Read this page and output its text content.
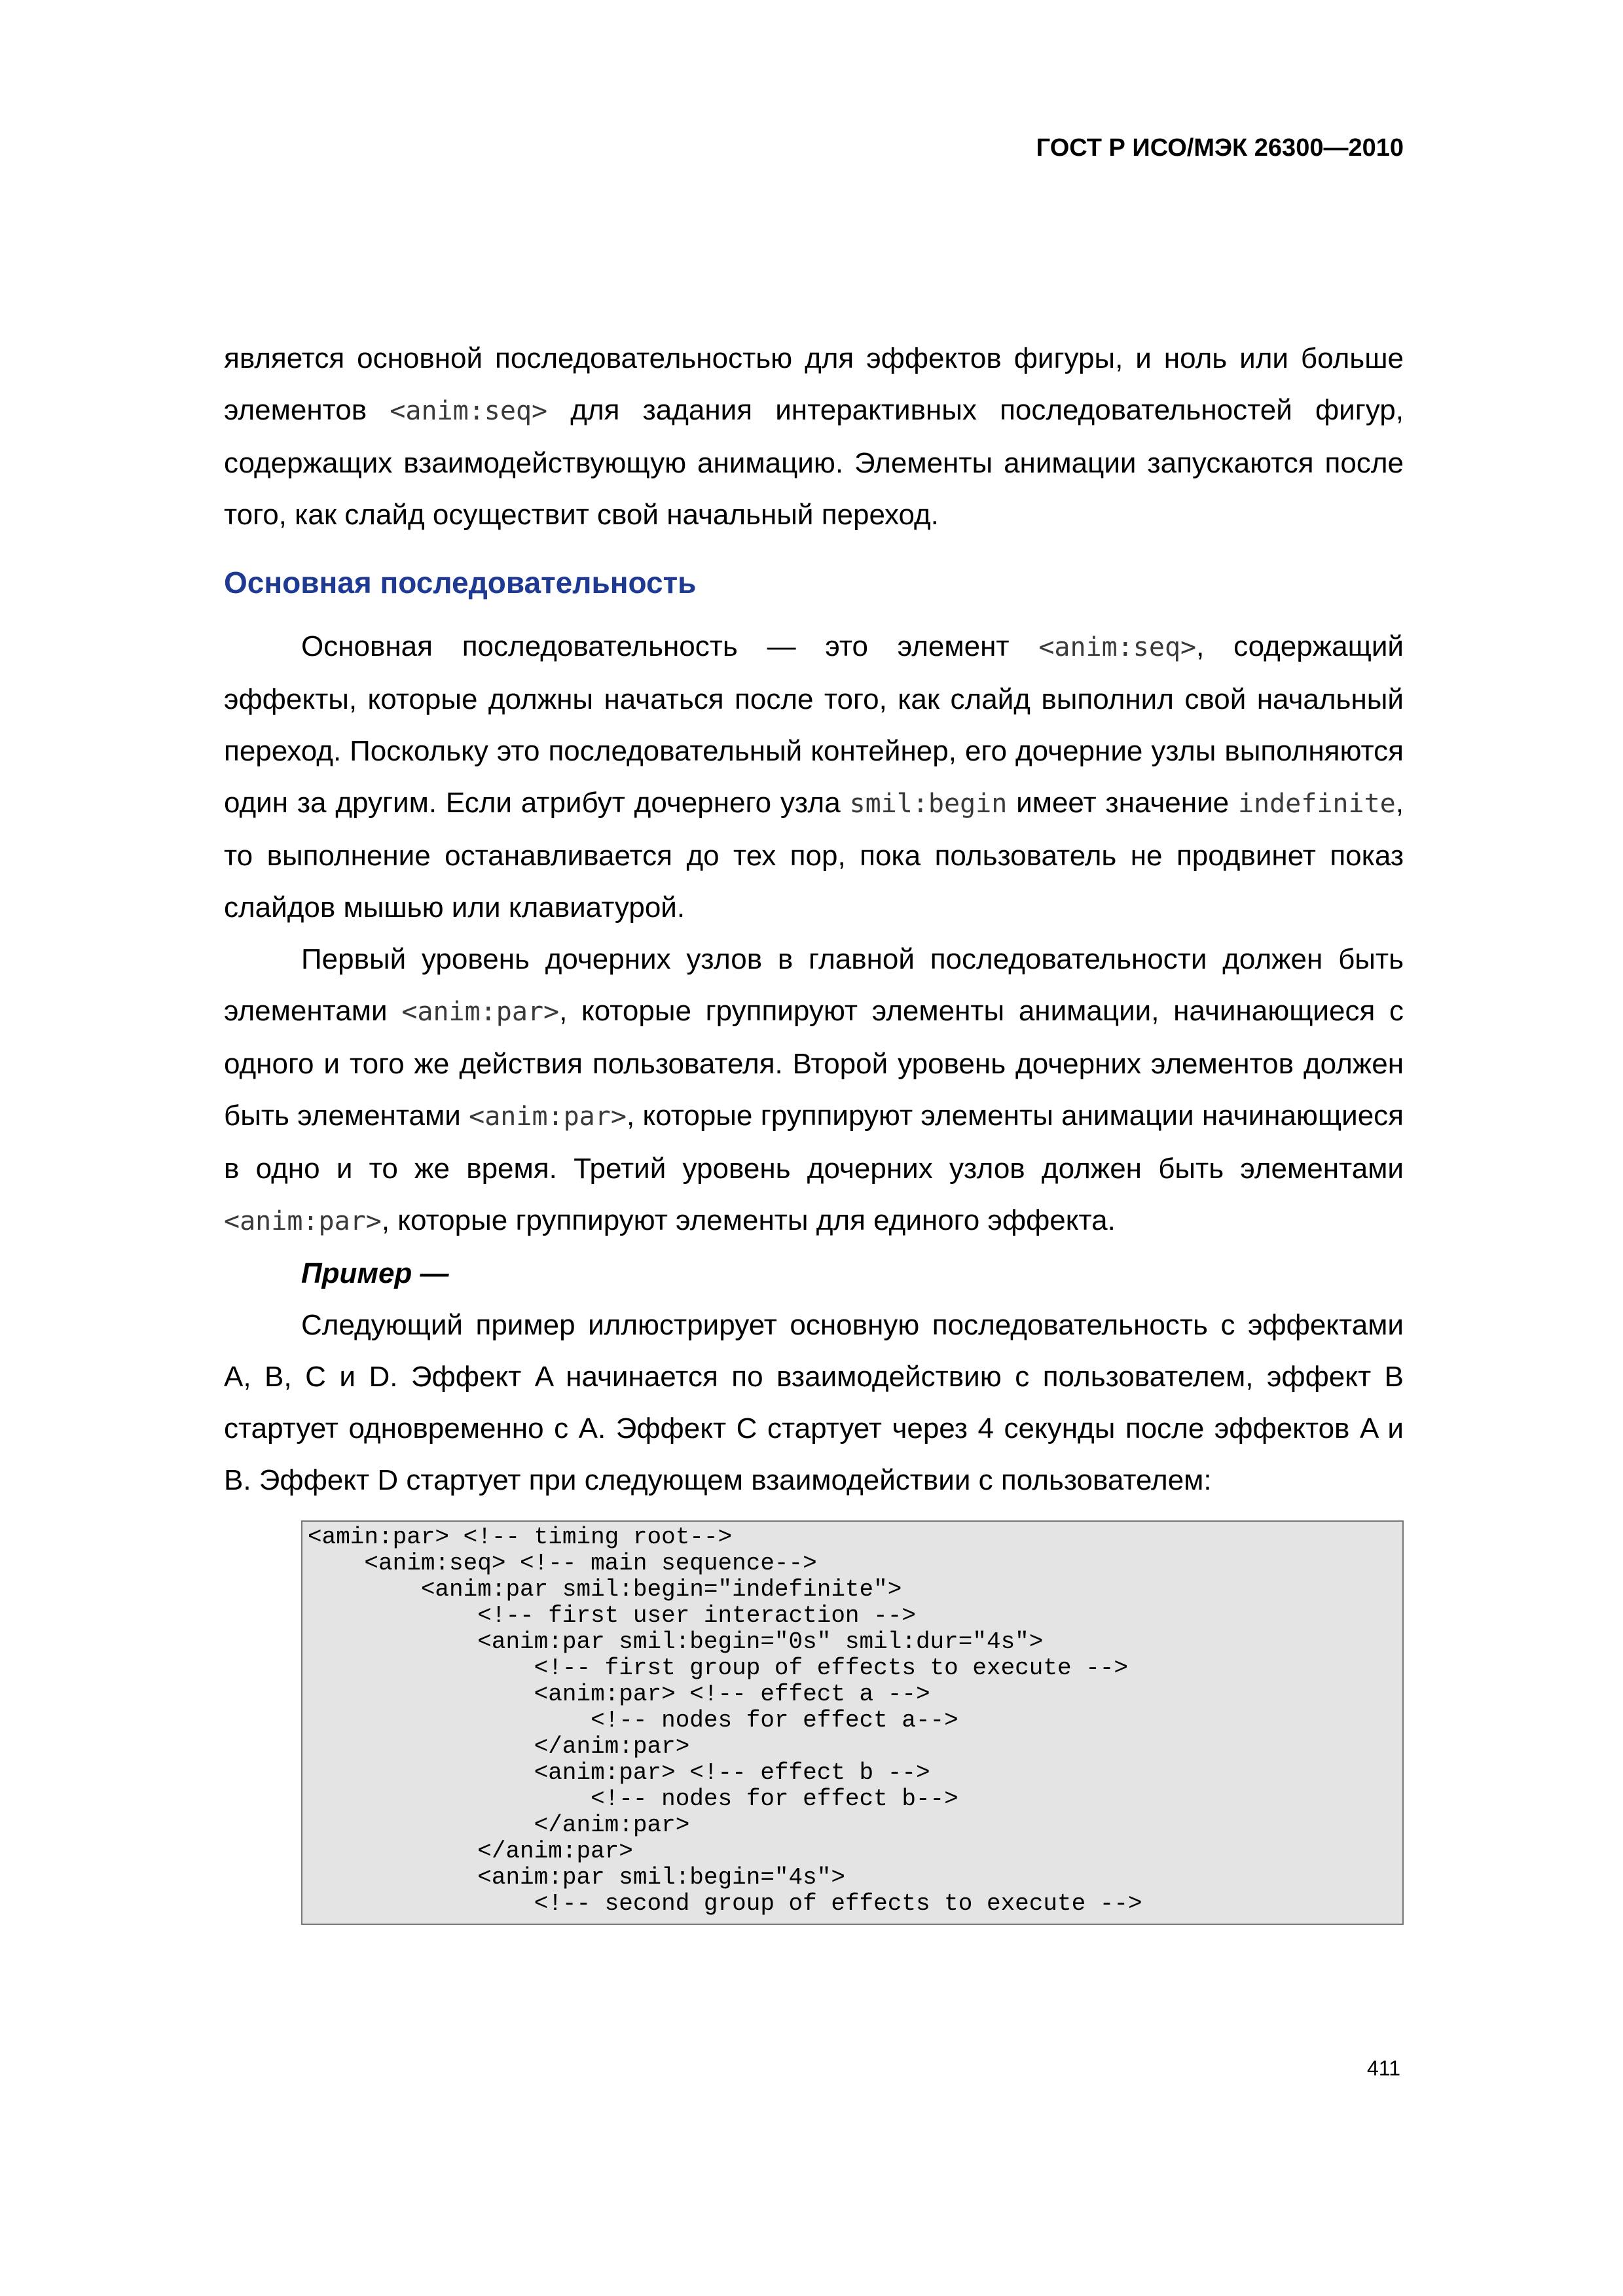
ГОСТ Р ИСО/МЭК 26300—2010

является основной последовательностью для эффектов фигуры, и ноль или больше элементов <anim:seq> для задания интерактивных последовательностей фигур, содержащих взаимодействующую анимацию. Элементы анимации запускаются после того, как слайд осуществит свой начальный переход.

Основная последовательность

Основная последовательность — это элемент <anim:seq>, содержащий эффекты, которые должны начаться после того, как слайд выполнил свой начальный переход. Поскольку это последовательный контейнер, его дочерние узлы выполняются один за другим. Если атрибут дочернего узла smil:begin имеет значение indefinite, то выполнение останавливается до тех пор, пока пользователь не продвинет показ слайдов мышью или клавиатурой.

Первый уровень дочерних узлов в главной последовательности должен быть элементами <anim:par>, которые группируют элементы анимации, начинающиеся с одного и того же действия пользователя. Второй уровень дочерних элементов должен быть элементами <anim:par>, которые группируют элементы анимации начинающиеся в одно и то же время. Третий уровень дочерних узлов должен быть элементами <anim:par>, которые группируют элементы для единого эффекта.

Пример —

Следующий пример иллюстрирует основную последовательность с эффектами A, B, C и D. Эффект A начинается по взаимодействию с пользователем, эффект B стартует одновременно с A. Эффект C стартует через 4 секунды после эффектов A и B. Эффект D стартует при следующем взаимодействии с пользователем:

<amin:par> <!-- timing root-->
<anim:seq> <!-- main sequence-->
<anim:par smil:begin="indefinite">
<!-- first user interaction -->
<anim:par smil:begin="0s" smil:dur="4s">
<!-- first group of effects to execute -->
<anim:par> <!-- effect a -->
<!-- nodes for effect a-->
</anim:par>
<anim:par> <!-- effect b -->
<!-- nodes for effect b-->
</anim:par>
</anim:par>
<anim:par smil:begin="4s">
<!-- second group of effects to execute -->
411
